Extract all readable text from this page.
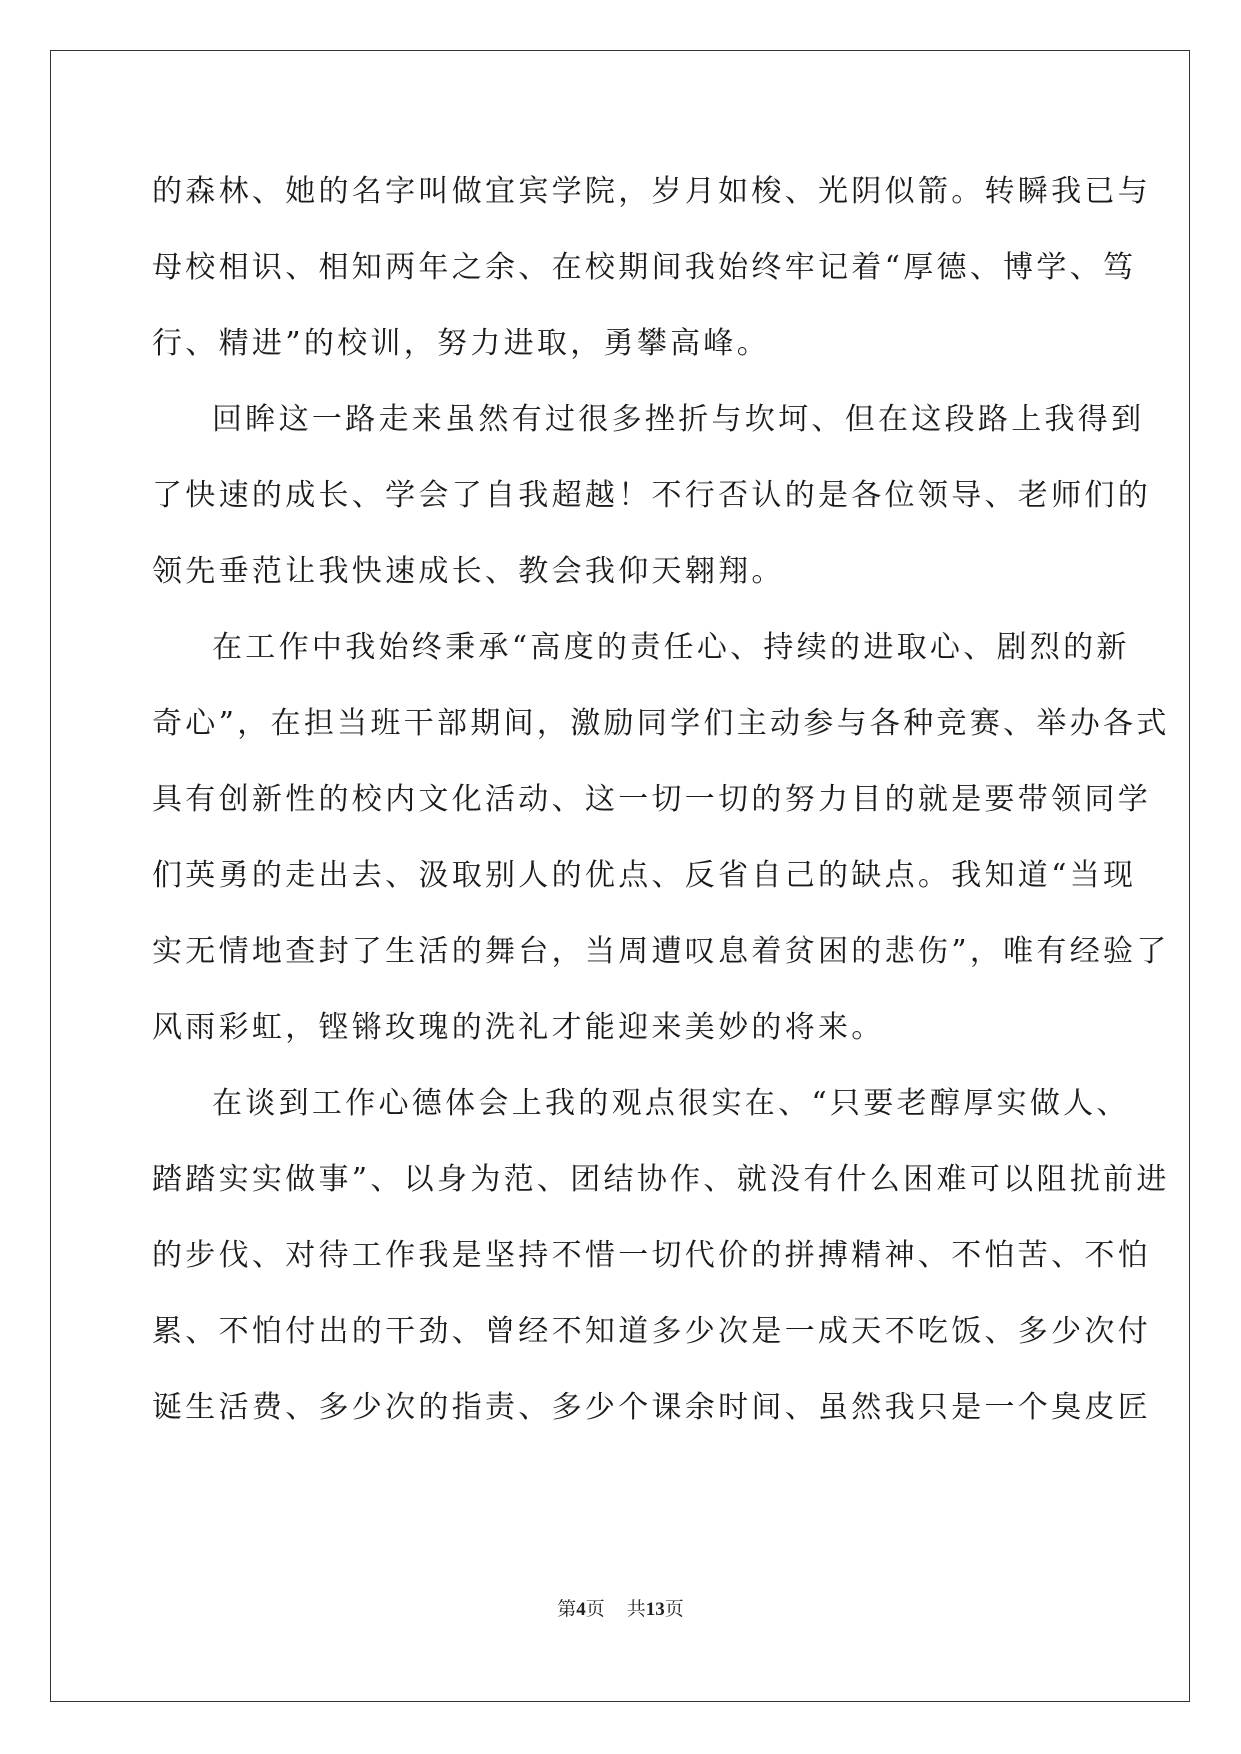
的森林、她的名字叫做宜宾学院，岁月如梭、光阴似箭。转瞬我已与
母校相识、相知两年之余、在校期间我始终牢记着“厚德、博学、笃
行、精进”的校训，努力进取，勇攀高峰。
回眸这一路走来虽然有过很多挫折与坎坷、但在这段路上我得到
了快速的成长、学会了自我超越！不行否认的是各位领导、老师们的
领先垂范让我快速成长、教会我仰天翱翔。
在工作中我始终秉承“高度的责任心、持续的进取心、剧烈的新
奇心”，在担当班干部期间，激励同学们主动参与各种竞赛、举办各式
具有创新性的校内文化活动、这一切一切的努力目的就是要带领同学
们英勇的走出去、汲取别人的优点、反省自己的缺点。我知道“当现
实无情地查封了生活的舞台，当周遭叹息着贫困的悲伤”，唯有经验了
风雨彩虹，铿锵玫瑰的洗礼才能迎来美妙的将来。
在谈到工作心德体会上我的观点很实在、“只要老醇厚实做人、
踏踏实实做事”、以身为范、团结协作、就没有什么困难可以阻扰前进
的步伐、对待工作我是坚持不惜一切代价的拼搏精神、不怕苦、不怕
累、不怕付出的干劲、曾经不知道多少次是一成天不吃饭、多少次付
诞生活费、多少次的指责、多少个课余时间、虽然我只是一个臭皮匠
第4页 共13页
